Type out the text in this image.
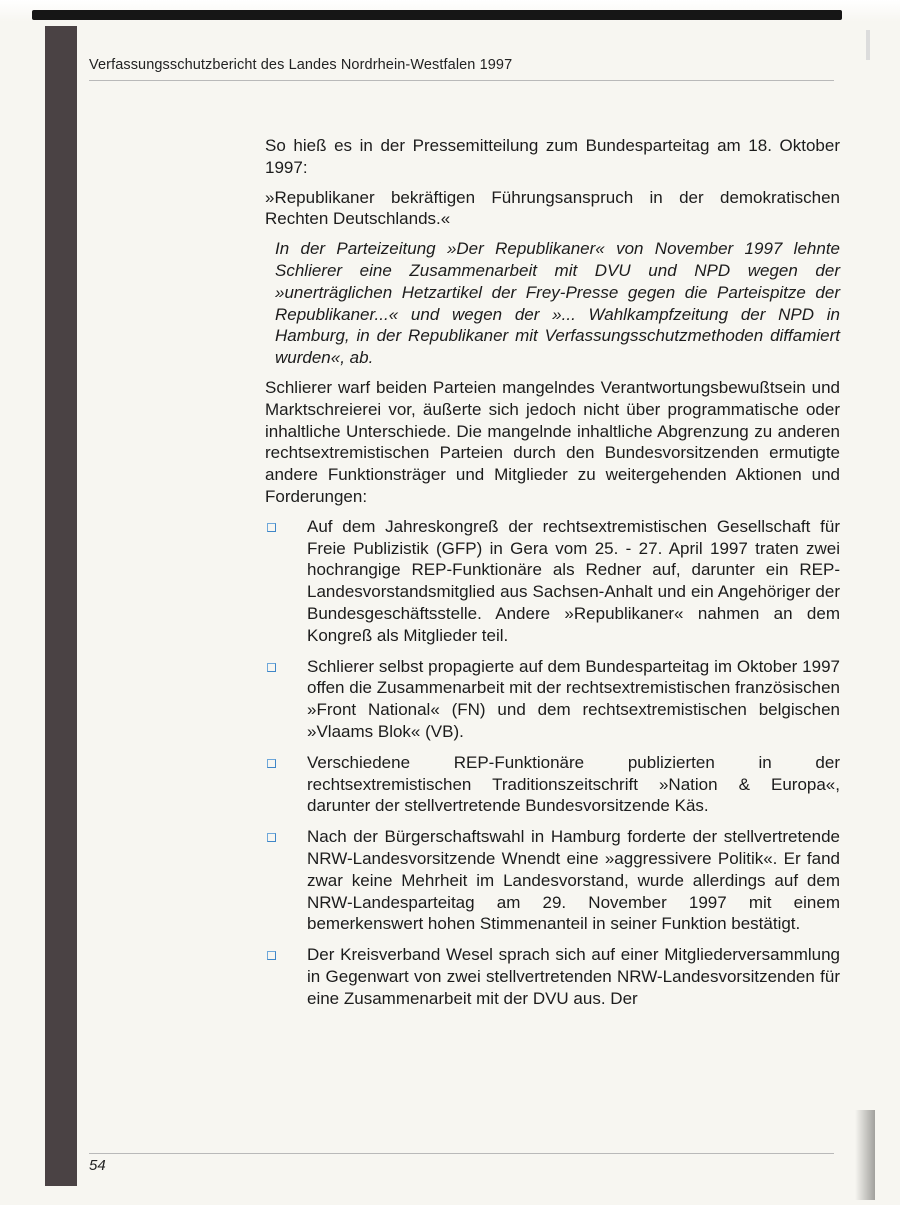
Verfassungsschutzbericht des Landes Nordrhein-Westfalen 1997

So hieß es in der Pressemitteilung zum Bundesparteitag am 18. Oktober 1997:

»Republikaner bekräftigen Führungsanspruch in der demokratischen Rechten Deutschlands.«

In der Parteizeitung »Der Republikaner« von November 1997 lehnte Schlierer eine Zusammenarbeit mit DVU und NPD wegen der »unerträglichen Hetzartikel der Frey-Presse gegen die Parteispitze der Republikaner...« und wegen der »... Wahlkampfzeitung der NPD in Hamburg, in der Republikaner mit Verfassungsschutzmethoden diffamiert wurden«, ab.

Schlierer warf beiden Parteien mangelndes Verantwortungsbewußtsein und Marktschreierei vor, äußerte sich jedoch nicht über programmatische oder inhaltliche Unterschiede. Die mangelnde inhaltliche Abgrenzung zu anderen rechtsextremistischen Parteien durch den Bundesvorsitzenden ermutigte andere Funktionsträger und Mitglieder zu weitergehenden Aktionen und Forderungen:

Auf dem Jahreskongreß der rechtsextremistischen Gesellschaft für Freie Publizistik (GFP) in Gera vom 25. - 27. April 1997 traten zwei hochrangige REP-Funktionäre als Redner auf, darunter ein REP-Landesvorstandsmitglied aus Sachsen-Anhalt und ein Angehöriger der Bundesgeschäftsstelle. Andere »Republikaner« nahmen an dem Kongreß als Mitglieder teil.
Schlierer selbst propagierte auf dem Bundesparteitag im Oktober 1997 offen die Zusammenarbeit mit der rechtsextremistischen französischen »Front National« (FN) und dem rechtsextremistischen belgischen »Vlaams Blok« (VB).
Verschiedene REP-Funktionäre publizierten in der rechtsextremistischen Traditionszeitschrift »Nation & Europa«, darunter der stellvertretende Bundesvorsitzende Käs.
Nach der Bürgerschaftswahl in Hamburg forderte der stellvertretende NRW-Landesvorsitzende Wnendt eine »aggressivere Politik«. Er fand zwar keine Mehrheit im Landesvorstand, wurde allerdings auf dem NRW-Landesparteitag am 29. November 1997 mit einem bemerkenswert hohen Stimmenanteil in seiner Funktion bestätigt.
Der Kreisverband Wesel sprach sich auf einer Mitgliederversammlung in Gegenwart von zwei stellvertretenden NRW-Landesvorsitzenden für eine Zusammenarbeit mit der DVU aus. Der
54
